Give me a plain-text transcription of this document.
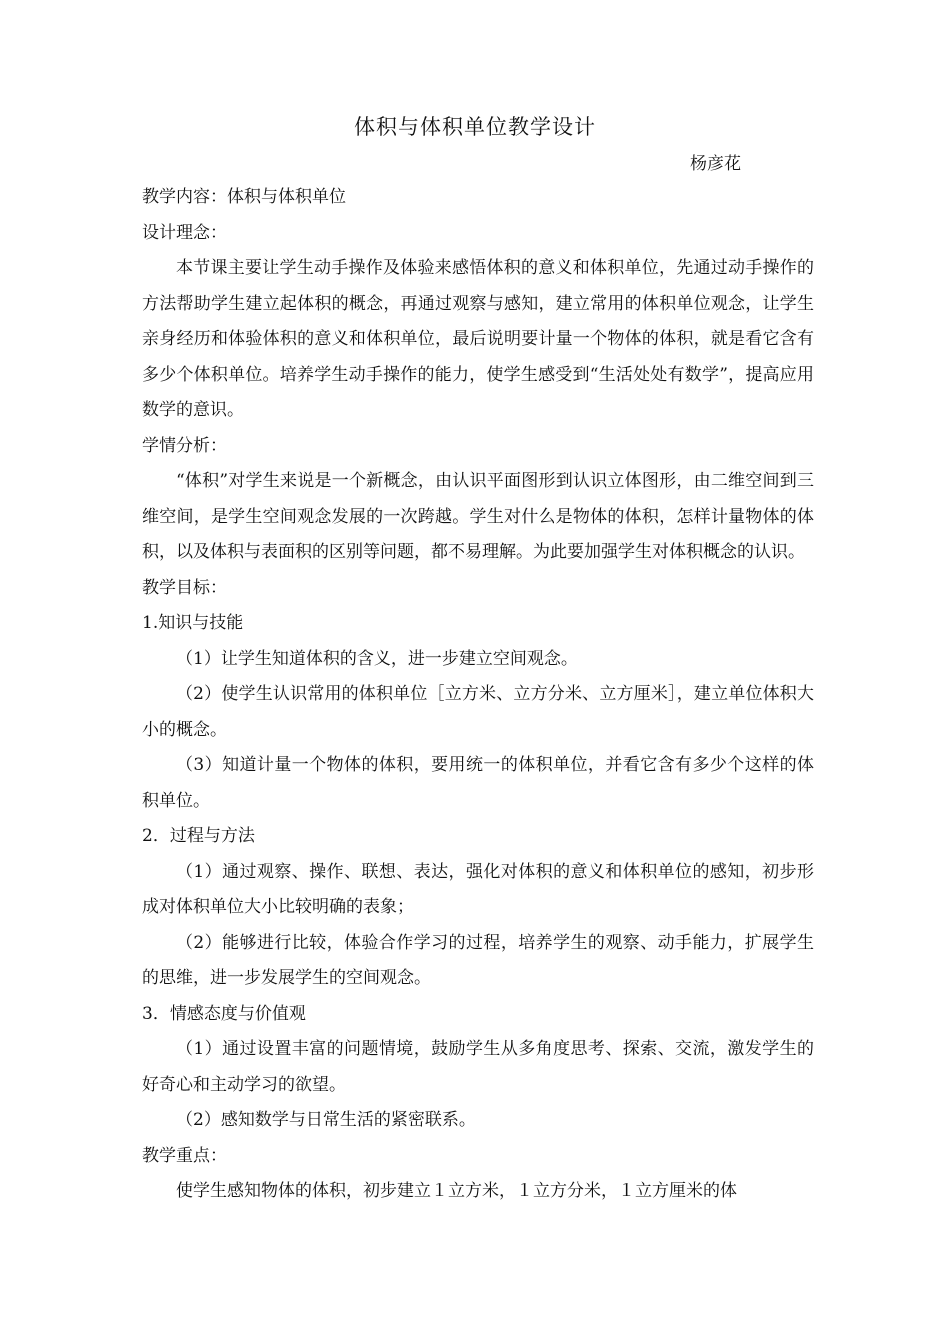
体积与体积单位教学设计
杨彦花

教学内容：体积与体积单位

设计理念：

本节课主要让学生动手操作及体验来感悟体积的意义和体积单位，先通过动手操作的方法帮助学生建立起体积的概念，再通过观察与感知，建立常用的体积单位观念，让学生亲身经历和体验体积的意义和体积单位，最后说明要计量一个物体的体积，就是看它含有多少个体积单位。培养学生动手操作的能力，使学生感受到“生活处处有数学”，提高应用数学的意识。

学情分析：

“体积”对学生来说是一个新概念，由认识平面图形到认识立体图形，由二维空间到三维空间，是学生空间观念发展的一次跨越。学生对什么是物体的体积，怎样计量物体的体积，以及体积与表面积的区别等问题，都不易理解。为此要加强学生对体积概念的认识。

教学目标：

1.知识与技能

（1）让学生知道体积的含义，进一步建立空间观念。

（2）使学生认识常用的体积单位［立方米、立方分米、立方厘米］，建立单位体积大小的概念。

（3）知道计量一个物体的体积，要用统一的体积单位，并看它含有多少个这样的体积单位。

2．过程与方法

（1）通过观察、操作、联想、表达，强化对体积的意义和体积单位的感知，初步形成对体积单位大小比较明确的表象；

（2）能够进行比较，体验合作学习的过程，培养学生的观察、动手能力，扩展学生的思维，进一步发展学生的空间观念。

3．情感态度与价值观

（1）通过设置丰富的问题情境，鼓励学生从多角度思考、探索、交流，激发学生的好奇心和主动学习的欲望。

（2）感知数学与日常生活的紧密联系。

教学重点：

使学生感知物体的体积，初步建立１立方米，１立方分米，１立方厘米的体
